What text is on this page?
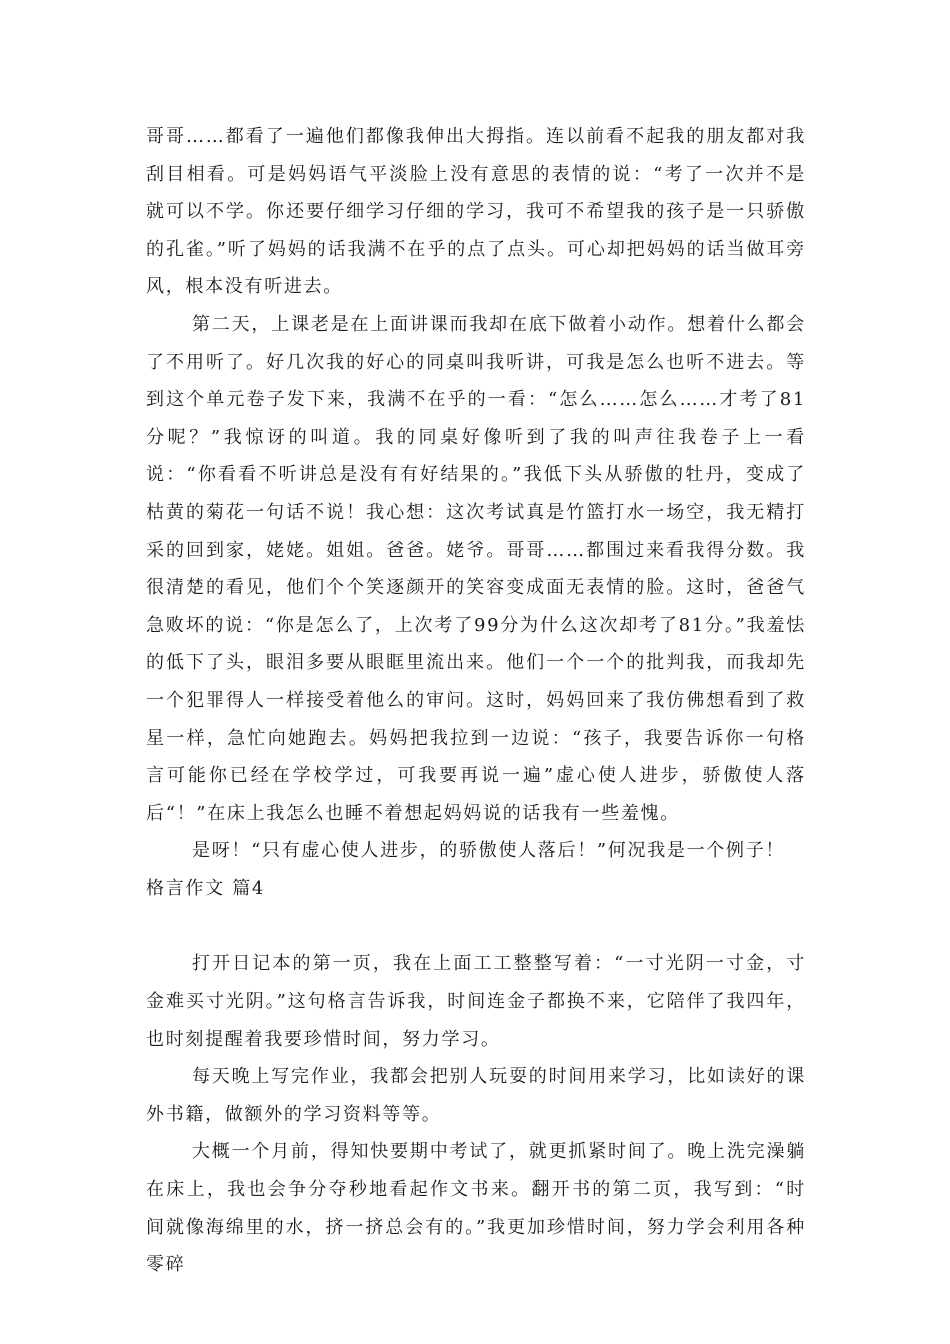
哥哥……都看了一遍他们都像我伸出大拇指。连以前看不起我的朋友都对我刮目相看。可是妈妈语气平淡脸上没有意思的表情的说：“考了一次并不是就可以不学。你还要仔细学习仔细的学习，我可不希望我的孩子是一只骄傲的孔雀。”听了妈妈的话我满不在乎的点了点头。可心却把妈妈的话当做耳旁风，根本没有听进去。

第二天，上课老是在上面讲课而我却在底下做着小动作。想着什么都会了不用听了。好几次我的好心的同桌叫我听讲，可我是怎么也听不进去。等到这个单元卷子发下来，我满不在乎的一看：“怎么……怎么……才考了81分呢？”我惊讶的叫道。我的同桌好像听到了我的叫声往我卷子上一看说：“你看看不听讲总是没有有好结果的。”我低下头从骄傲的牡丹，变成了枯黄的菊花一句话不说！我心想：这次考试真是竹篮打水一场空，我无精打采的回到家，姥姥。姐姐。爸爸。姥爷。哥哥……都围过来看我得分数。我很清楚的看见，他们个个笑逐颜开的笑容变成面无表情的脸。这时，爸爸气急败坏的说：“你是怎么了，上次考了99分为什么这次却考了81分。”我羞怯的低下了头，眼泪多要从眼眶里流出来。他们一个一个的批判我，而我却先一个犯罪得人一样接受着他么的审问。这时，妈妈回来了我仿佛想看到了救星一样，急忙向她跑去。妈妈把我拉到一边说：“孩子，我要告诉你一句格言可能你已经在学校学过，可我要再说一遍”虚心使人进步，骄傲使人落后“！”在床上我怎么也睡不着想起妈妈说的话我有一些羞愧。

是呀！“只有虚心使人进步，的骄傲使人落后！”何况我是一个例子！

格言作文 篇4

打开日记本的第一页，我在上面工工整整写着：“一寸光阴一寸金，寸金难买寸光阴。”这句格言告诉我，时间连金子都换不来，它陪伴了我四年，也时刻提醒着我要珍惜时间，努力学习。

每天晚上写完作业，我都会把别人玩耍的时间用来学习，比如读好的课外书籍，做额外的学习资料等等。

大概一个月前，得知快要期中考试了，就更抓紧时间了。晚上洗完澡躺在床上，我也会争分夺秒地看起作文书来。翻开书的第二页，我写到：“时间就像海绵里的水，挤一挤总会有的。”我更加珍惜时间，努力学会利用各种零碎
